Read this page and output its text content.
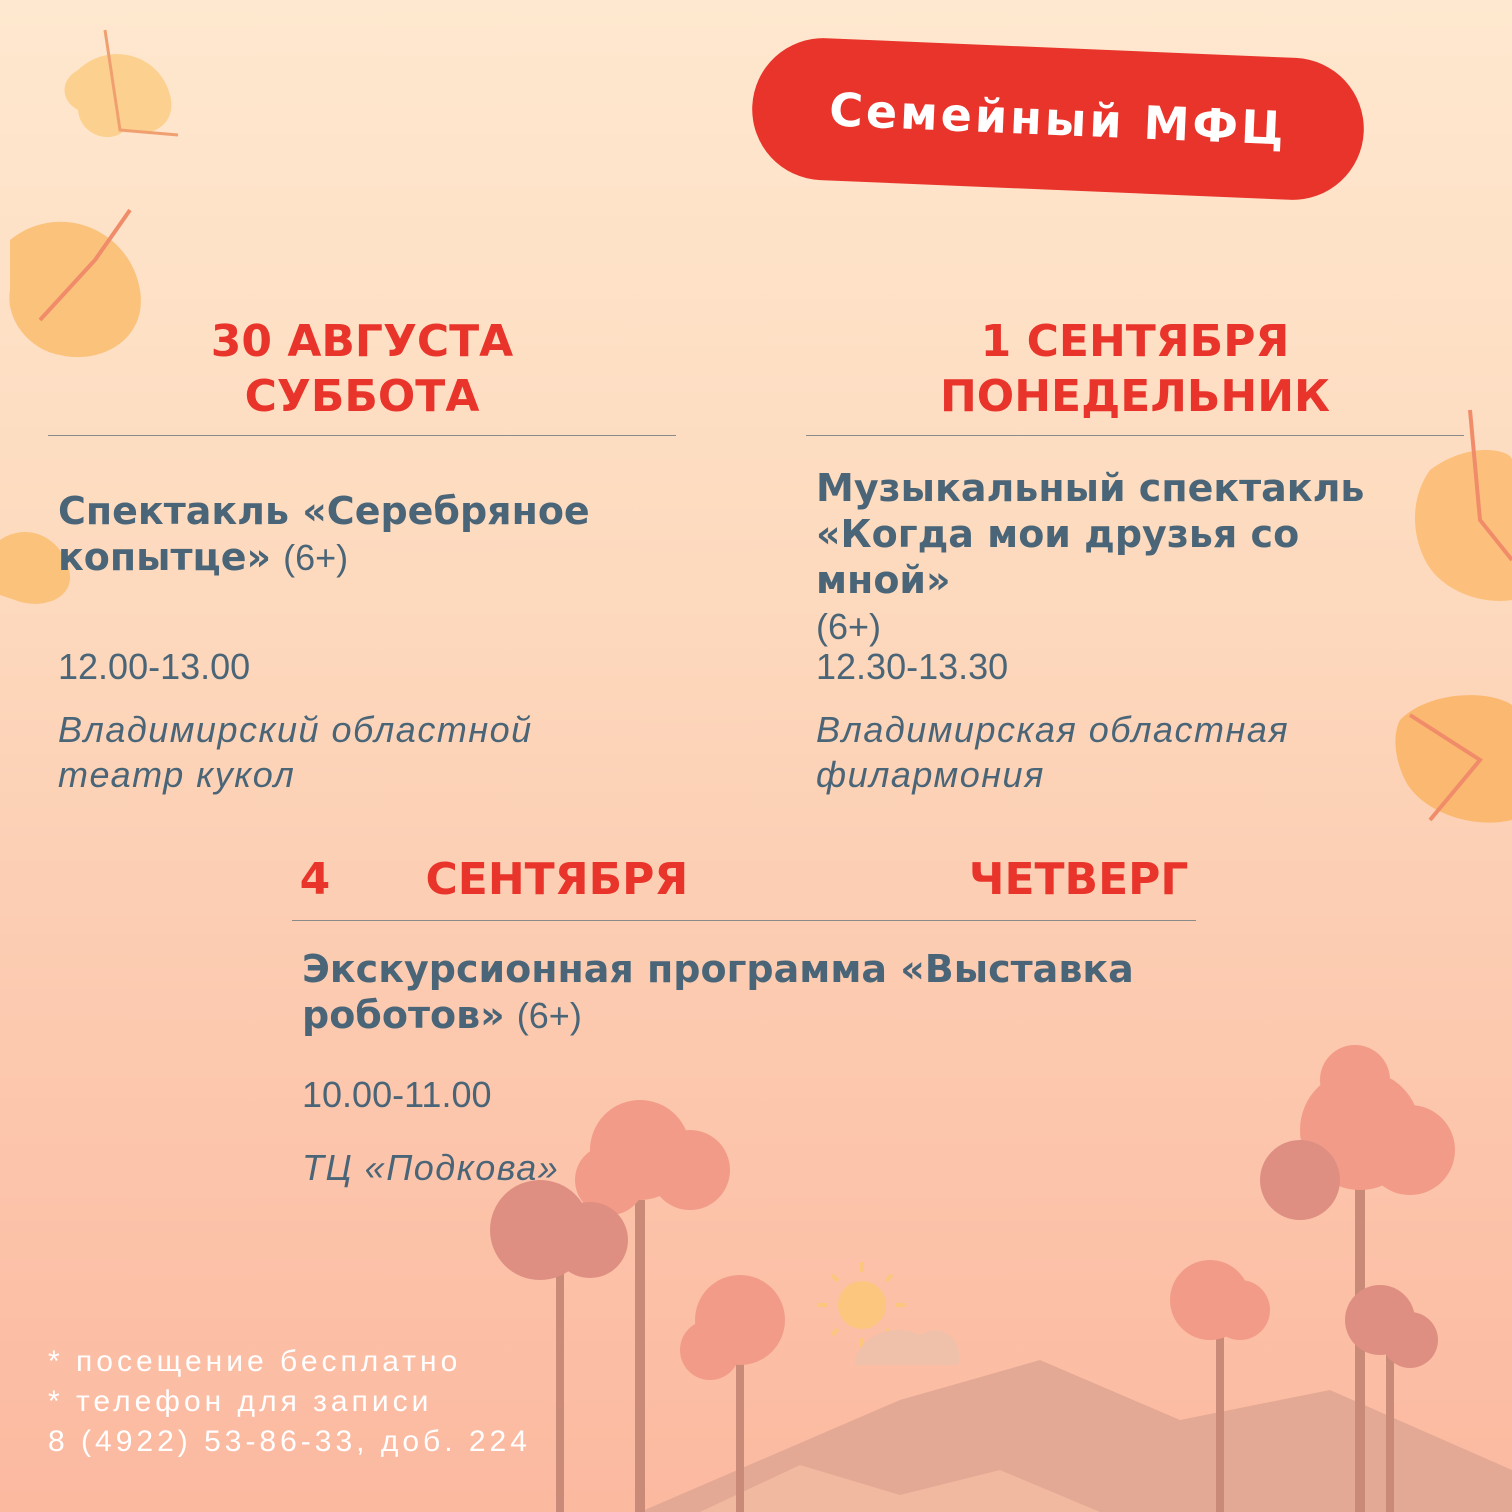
Семейный МФЦ
30 АВГУСТА
СУББОТА
Спектакль «Серебряное копытце» (6+)
12.00-13.00
Владимирский областной театр кукол
1 СЕНТЯБРЯ
ПОНЕДЕЛЬНИК
Музыкальный спектакль «Когда мои друзья со мной»
(6+)
12.30-13.30
Владимирская областная филармония
4 СЕНТЯБРЯ	ЧЕТВЕРГ
Экскурсионная программа «Выставка роботов» (6+)
10.00-11.00
ТЦ «Подкова»
* посещение бесплатно
* телефон для записи
8 (4922) 53-86-33, доб. 224
